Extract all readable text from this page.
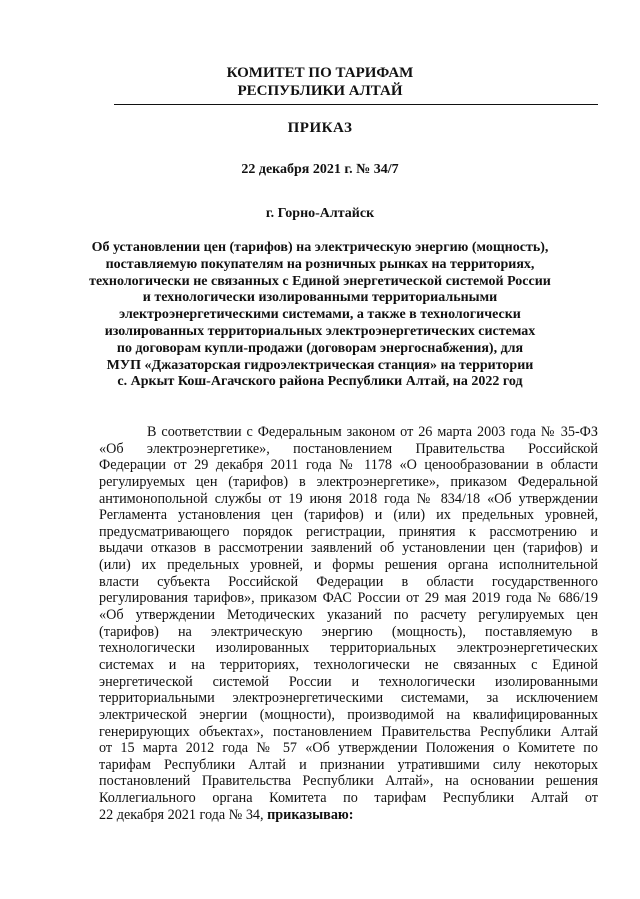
КОМИТЕТ ПО ТАРИФАМ
РЕСПУБЛИКИ АЛТАЙ
ПРИКАЗ
22 декабря 2021 г. № 34/7
г. Горно-Алтайск
Об установлении цен (тарифов) на электрическую энергию (мощность),
поставляемую покупателям на розничных рынках на территориях,
технологически не связанных с Единой энергетической системой России
и технологически изолированными территориальными
электроэнергетическими системами, а также в технологически
изолированных территориальных электроэнергетических системах
по договорам купли-продажи (договорам энергоснабжения), для
МУП «Джазаторская гидроэлектрическая станция» на территории
с. Аркыт Кош-Агачского района Республики Алтай, на 2022 год
В соответствии с Федеральным законом от 26 марта 2003 года № 35-ФЗ
«Об электроэнергетике», постановлением Правительства Российской
Федерации от 29 декабря 2011 года № 1178 «О ценообразовании в области
регулируемых цен (тарифов) в электроэнергетике», приказом Федеральной
антимонопольной службы от 19 июня 2018 года № 834/18 «Об утверждении
Регламента установления цен (тарифов) и (или) их предельных уровней,
предусматривающего порядок регистрации, принятия к рассмотрению и
выдачи отказов в рассмотрении заявлений об установлении цен (тарифов) и
(или) их предельных уровней, и формы решения органа исполнительной
власти субъекта Российской Федерации в области государственного
регулирования тарифов», приказом ФАС России от 29 мая 2019 года № 686/19
«Об утверждении Методических указаний по расчету регулируемых цен
(тарифов) на электрическую энергию (мощность), поставляемую в
технологически изолированных территориальных электроэнергетических
системах и на территориях, технологически не связанных с Единой
энергетической системой России и технологически изолированными
территориальными электроэнергетическими системами, за исключением
электрической энергии (мощности), производимой на квалифицированных
генерирующих объектах», постановлением Правительства Республики Алтай
от 15 марта 2012 года № 57 «Об утверждении Положения о Комитете по
тарифам Республики Алтай и признании утратившими силу некоторых
постановлений Правительства Республики Алтай», на основании решения
Коллегиального органа Комитета по тарифам Республики Алтай от
22 декабря 2021 года № 34, приказываю:
